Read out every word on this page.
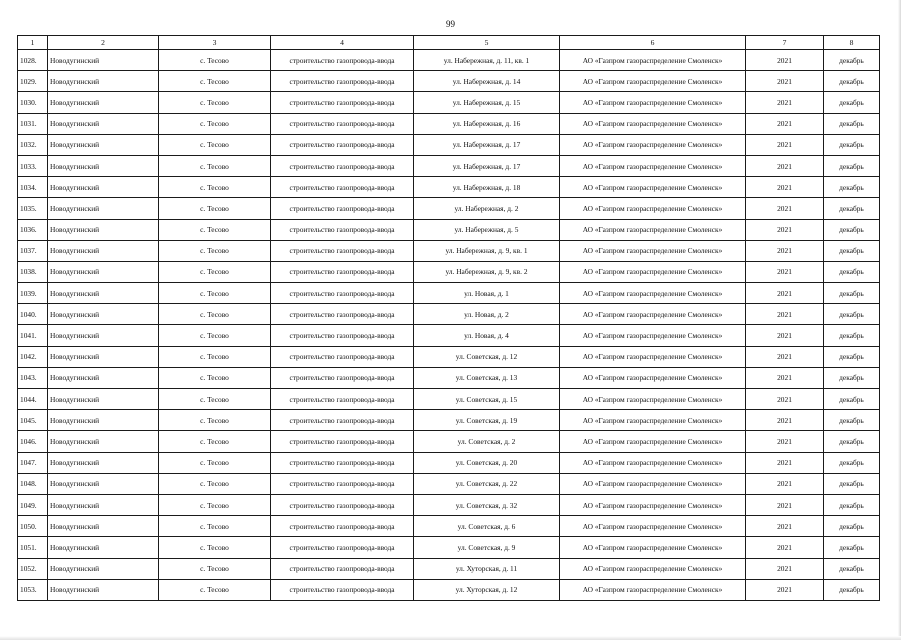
99
1	2	3	4	5	6	7	8
1028.	Новодугинский	с. Тесово	строительство газопровода-ввода	ул. Набережная, д. 11, кв. 1	АО «Газпром газораспределение Смоленск»	2021	декабрь
1029.	Новодугинский	с. Тесово	строительство газопровода-ввода	ул. Набережная, д. 14	АО «Газпром газораспределение Смоленск»	2021	декабрь
1030.	Новодугинский	с. Тесово	строительство газопровода-ввода	ул. Набережная, д. 15	АО «Газпром газораспределение Смоленск»	2021	декабрь
1031.	Новодугинский	с. Тесово	строительство газопровода-ввода	ул. Набережная, д. 16	АО «Газпром газораспределение Смоленск»	2021	декабрь
1032.	Новодугинский	с. Тесово	строительство газопровода-ввода	ул. Набережная, д. 17	АО «Газпром газораспределение Смоленск»	2021	декабрь
1033.	Новодугинский	с. Тесово	строительство газопровода-ввода	ул. Набережная, д. 17	АО «Газпром газораспределение Смоленск»	2021	декабрь
1034.	Новодугинский	с. Тесово	строительство газопровода-ввода	ул. Набережная, д. 18	АО «Газпром газораспределение Смоленск»	2021	декабрь
1035.	Новодугинский	с. Тесово	строительство газопровода-ввода	ул. Набережная, д. 2	АО «Газпром газораспределение Смоленск»	2021	декабрь
1036.	Новодугинский	с. Тесово	строительство газопровода-ввода	ул. Набережная, д. 5	АО «Газпром газораспределение Смоленск»	2021	декабрь
1037.	Новодугинский	с. Тесово	строительство газопровода-ввода	ул. Набережная, д. 9, кв. 1	АО «Газпром газораспределение Смоленск»	2021	декабрь
1038.	Новодугинский	с. Тесово	строительство газопровода-ввода	ул. Набережная, д. 9, кв. 2	АО «Газпром газораспределение Смоленск»	2021	декабрь
1039.	Новодугинский	с. Тесово	строительство газопровода-ввода	ул. Новая, д. 1	АО «Газпром газораспределение Смоленск»	2021	декабрь
1040.	Новодугинский	с. Тесово	строительство газопровода-ввода	ул. Новая, д. 2	АО «Газпром газораспределение Смоленск»	2021	декабрь
1041.	Новодугинский	с. Тесово	строительство газопровода-ввода	ул. Новая, д. 4	АО «Газпром газораспределение Смоленск»	2021	декабрь
1042.	Новодугинский	с. Тесово	строительство газопровода-ввода	ул. Советская, д. 12	АО «Газпром газораспределение Смоленск»	2021	декабрь
1043.	Новодугинский	с. Тесово	строительство газопровода-ввода	ул. Советская, д. 13	АО «Газпром газораспределение Смоленск»	2021	декабрь
1044.	Новодугинский	с. Тесово	строительство газопровода-ввода	ул. Советская, д. 15	АО «Газпром газораспределение Смоленск»	2021	декабрь
1045.	Новодугинский	с. Тесово	строительство газопровода-ввода	ул. Советская, д. 19	АО «Газпром газораспределение Смоленск»	2021	декабрь
1046.	Новодугинский	с. Тесово	строительство газопровода-ввода	ул. Советская, д. 2	АО «Газпром газораспределение Смоленск»	2021	декабрь
1047.	Новодугинский	с. Тесово	строительство газопровода-ввода	ул. Советская, д. 20	АО «Газпром газораспределение Смоленск»	2021	декабрь
1048.	Новодугинский	с. Тесово	строительство газопровода-ввода	ул. Советская, д. 22	АО «Газпром газораспределение Смоленск»	2021	декабрь
1049.	Новодугинский	с. Тесово	строительство газопровода-ввода	ул. Советская, д. 32	АО «Газпром газораспределение Смоленск»	2021	декабрь
1050.	Новодугинский	с. Тесово	строительство газопровода-ввода	ул. Советская, д. 6	АО «Газпром газораспределение Смоленск»	2021	декабрь
1051.	Новодугинский	с. Тесово	строительство газопровода-ввода	ул. Советская, д. 9	АО «Газпром газораспределение Смоленск»	2021	декабрь
1052.	Новодугинский	с. Тесово	строительство газопровода-ввода	ул. Хуторская, д. 11	АО «Газпром газораспределение Смоленск»	2021	декабрь
1053.	Новодугинский	с. Тесово	строительство газопровода-ввода	ул. Хуторская, д. 12	АО «Газпром газораспределение Смоленск»	2021	декабрь
